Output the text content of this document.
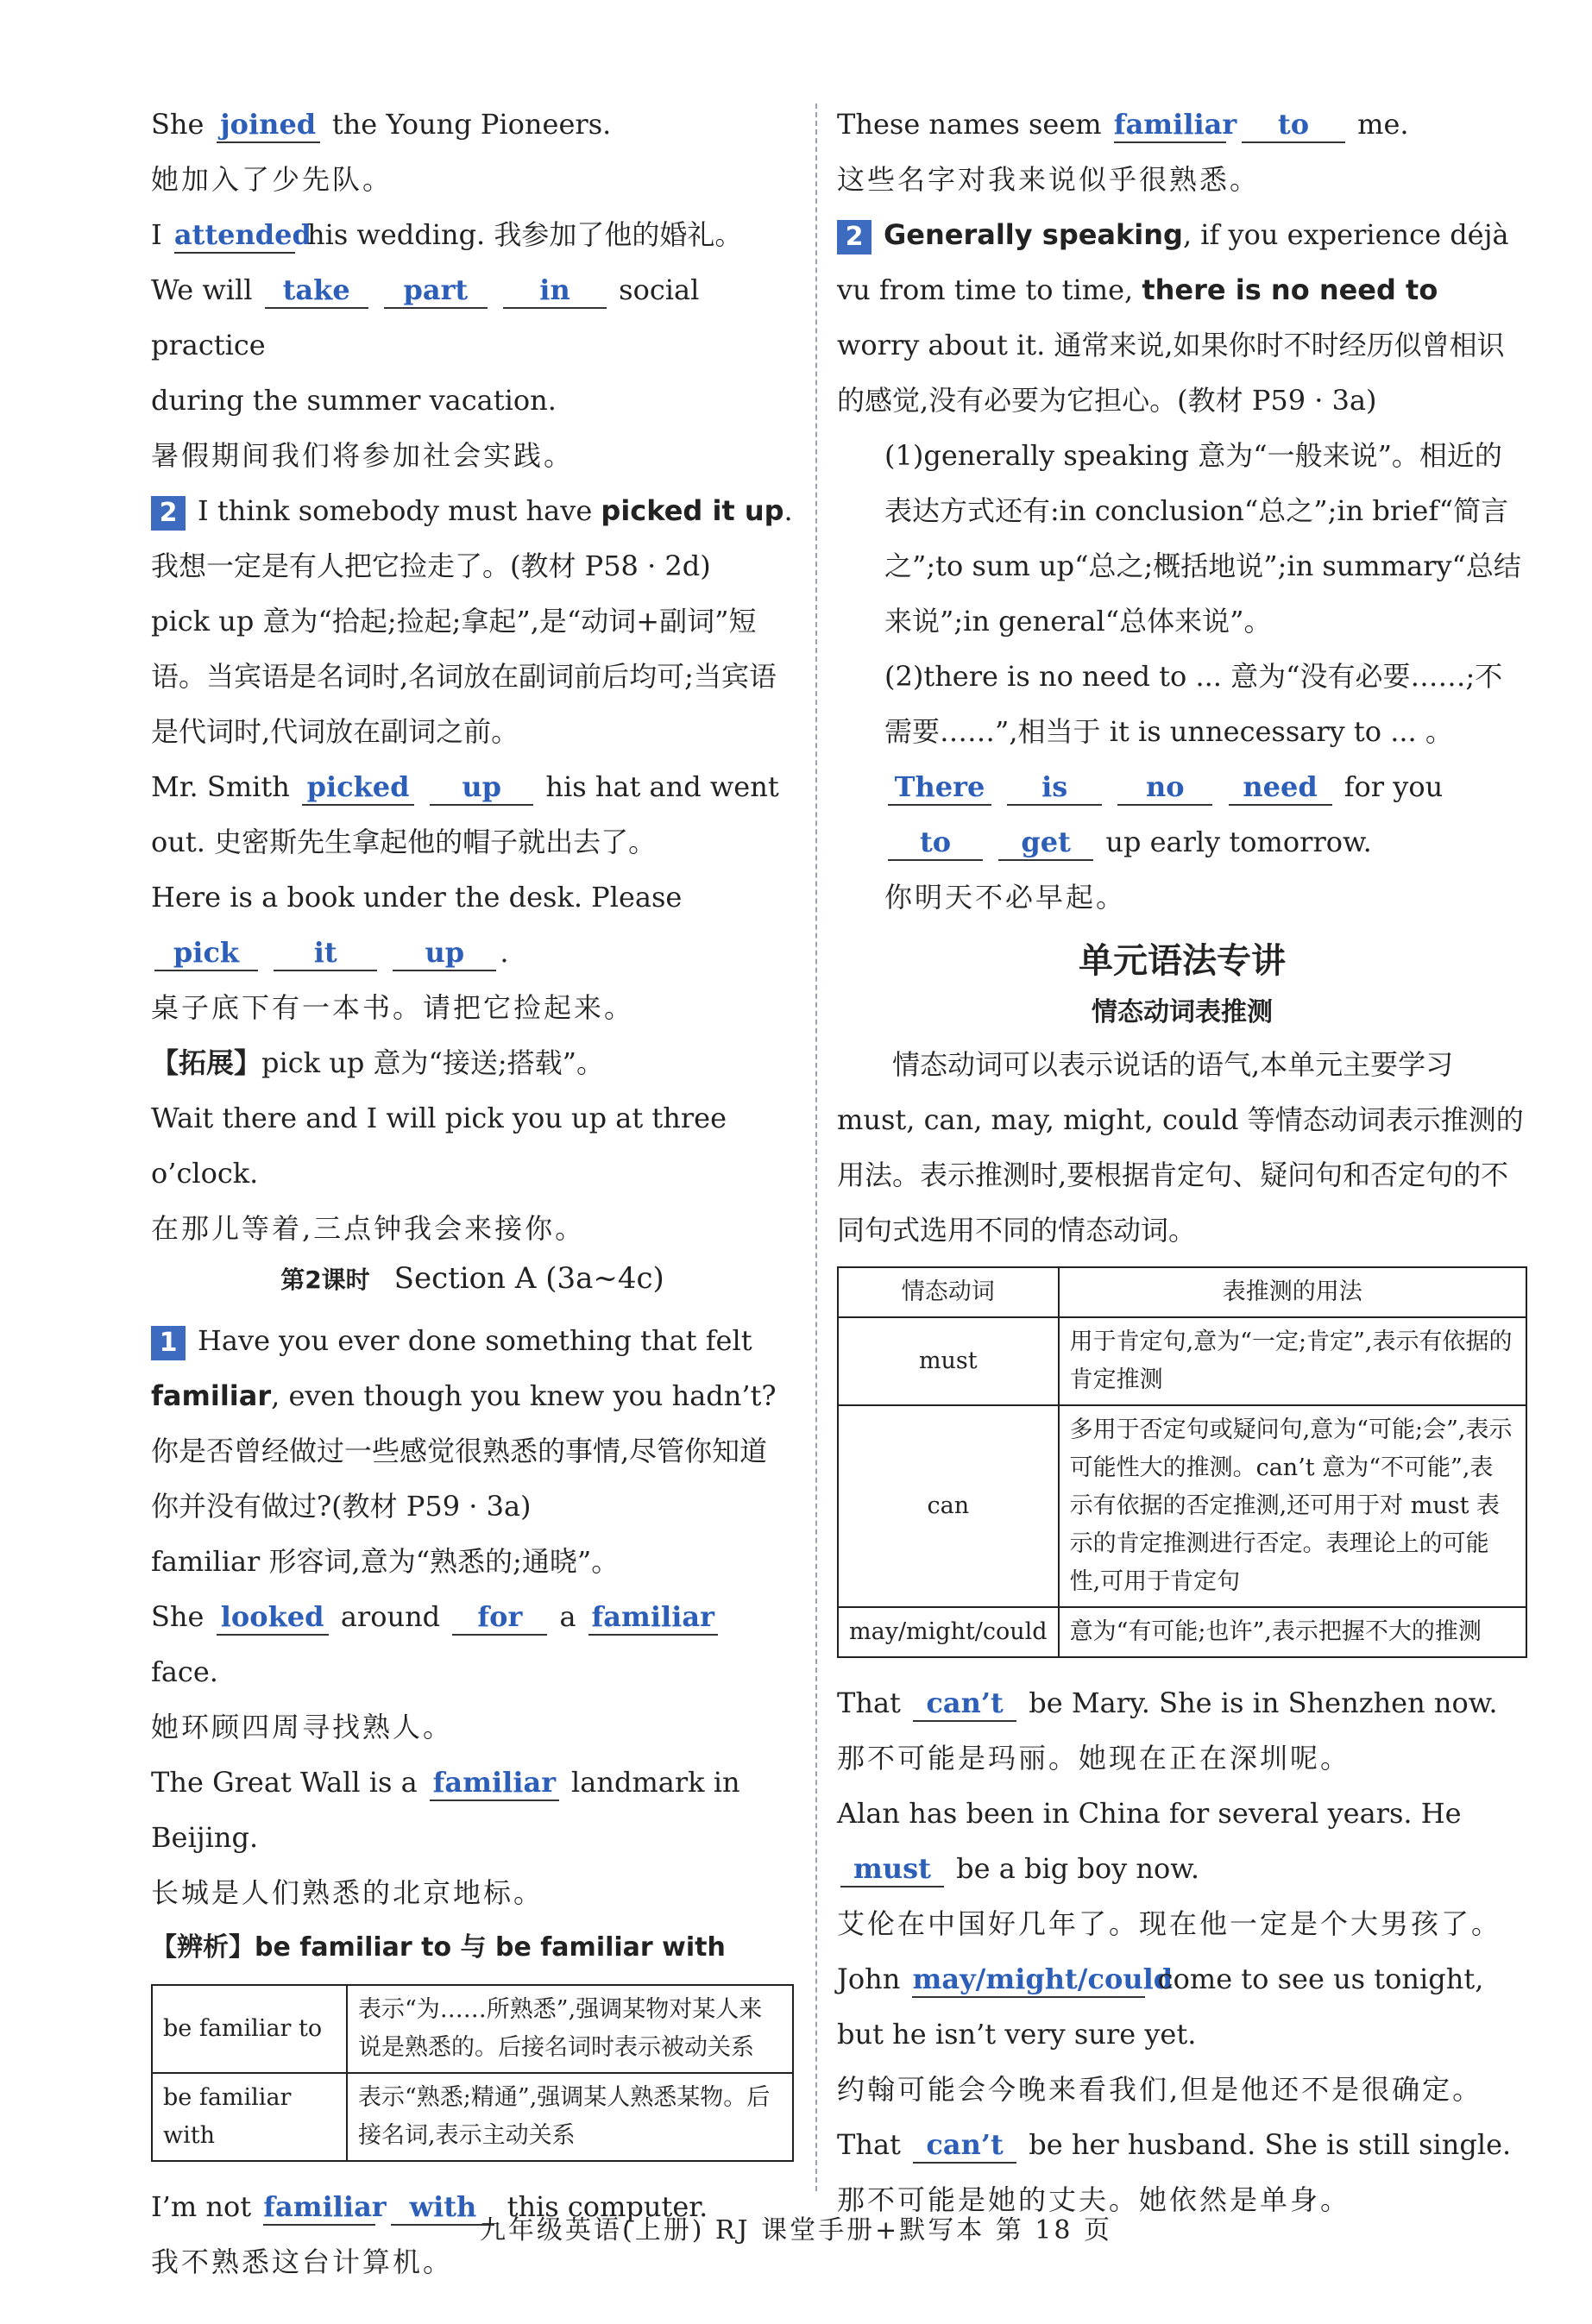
She joined the Young Pioneers.

她加入了少先队。

I attended his wedding. 我参加了他的婚礼。

We will take part	in social practice

during the summer vacation.

暑假期间我们将参加社会实践。

2 I think somebody must have picked it up. 我想一定是有人把它捡走了。(教材 P58 · 2d)

pick up 意为“拾起;捡起;拿起”,是“动词+副词”短语。当宾语是名词时,名词放在副词前后均可;当宾语是代词时,代词放在副词之前。

Mr. Smith picked up his hat and went out. 史密斯先生拿起他的帽子就出去了。

Here is a book under the desk. Please pick	it	up .

桌子底下有一本书。请把它捡起来。

【拓展】pick up 意为“接送;搭载”。

Wait there and I will pick you up at three o’clock.

在那儿等着,三点钟我会来接你。

第2课时 Section A (3a~4c)

1 Have you ever done something that felt familiar, even though you knew you hadn’t? 你是否曾经做过一些感觉很熟悉的事情,尽管你知道你并没有做过?(教材 P59 · 3a)

familiar 形容词,意为“熟悉的;通晓”。

She looked around for a familiar face.

她环顾四周寻找熟人。

The Great Wall is a familiar landmark in Beijing.

长城是人们熟悉的北京地标。

【辨析】be familiar to 与 be familiar with

be familiar to	表示“为……所熟悉”,强调某物对某人来说是熟悉的。后接名词时表示被动关系
be familiar with	表示“熟悉;精通”,强调某人熟悉某物。后接名词,表示主动关系

I’m not familiar with this computer.

我不熟悉这台计算机。

These names seem familiar to me.

这些名字对我来说似乎很熟悉。

2 Generally speaking, if you experience déjà vu from time to time, there is no need to worry about it. 通常来说,如果你时不时经历似曾相识的感觉,没有必要为它担心。(教材 P59 · 3a)

(1)generally speaking 意为“一般来说”。相近的表达方式还有:in conclusion“总之”;in brief“简言之”;to sum up“总之;概括地说”;in summary“总结来说”;in general“总体来说”。

(2)there is no need to ... 意为“没有必要……;不需要……”,相当于 it is unnecessary to ... 。

There is	no need for you to	get up early tomorrow.

你明天不必早起。

单元语法专讲
情态动词表推测

情态动词可以表示说话的语气,本单元主要学习 must, can, may, might, could 等情态动词表示推测的用法。表示推测时,要根据肯定句、疑问句和否定句的不同句式选用不同的情态动词。

情态动词	表推测的用法
must	用于肯定句,意为“一定;肯定”,表示有依据的肯定推测
can	多用于否定句或疑问句,意为“可能;会”,表示可能性大的推测。can’t 意为“不可能”,表示有依据的否定推测,还可用于对 must 表示的肯定推测进行否定。表理论上的可能性,可用于肯定句
may/might/could	意为“有可能;也许”,表示把握不大的推测

That can’t be Mary. She is in Shenzhen now.

那不可能是玛丽。她现在正在深圳呢。

Alan has been in China for several years. He must be a big boy now.

艾伦在中国好几年了。现在他一定是个大男孩了。

John may/might/could come to see us tonight, but he isn’t very sure yet.

约翰可能会今晚来看我们,但是他还不是很确定。

That can’t be her husband. She is still single.

那不可能是她的丈夫。她依然是单身。

九年级英语(上册) RJ 课堂手册+默写本 第 18 页
